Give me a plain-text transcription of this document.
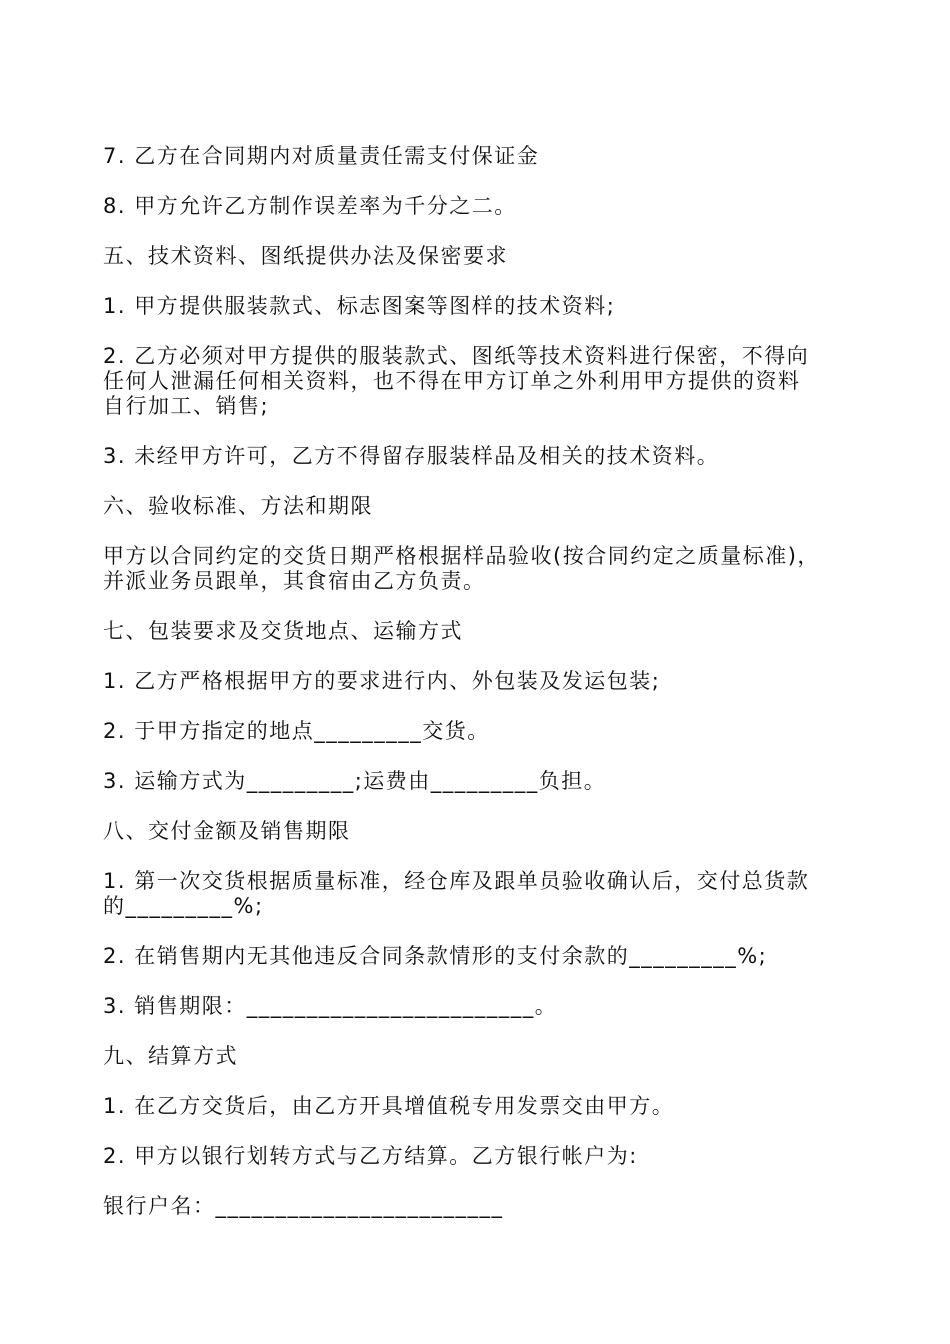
7. 乙方在合同期内对质量责任需支付保证金

8. 甲方允许乙方制作误差率为千分之二。

五、技术资料、图纸提供办法及保密要求

1. 甲方提供服装款式、标志图案等图样的技术资料;

2. 乙方必须对甲方提供的服装款式、图纸等技术资料进行保密，不得向
任何人泄漏任何相关资料，也不得在甲方订单之外利用甲方提供的资料
自行加工、销售;

3. 未经甲方许可，乙方不得留存服装样品及相关的技术资料。

六、验收标准、方法和期限

甲方以合同约定的交货日期严格根据样品验收(按合同约定之质量标准)，
并派业务员跟单，其食宿由乙方负责。

七、包装要求及交货地点、运输方式

1. 乙方严格根据甲方的要求进行内、外包装及发运包装;

2. 于甲方指定的地点_________交货。

3. 运输方式为_________;运费由_________负担。

八、交付金额及销售期限

1. 第一次交货根据质量标准，经仓库及跟单员验收确认后，交付总货款
的_________%;

2. 在销售期内无其他违反合同条款情形的支付余款的_________%;

3. 销售期限：________________________。

九、结算方式

1. 在乙方交货后，由乙方开具增值税专用发票交由甲方。

2. 甲方以银行划转方式与乙方结算。乙方银行帐户为:

银行户名：________________________
